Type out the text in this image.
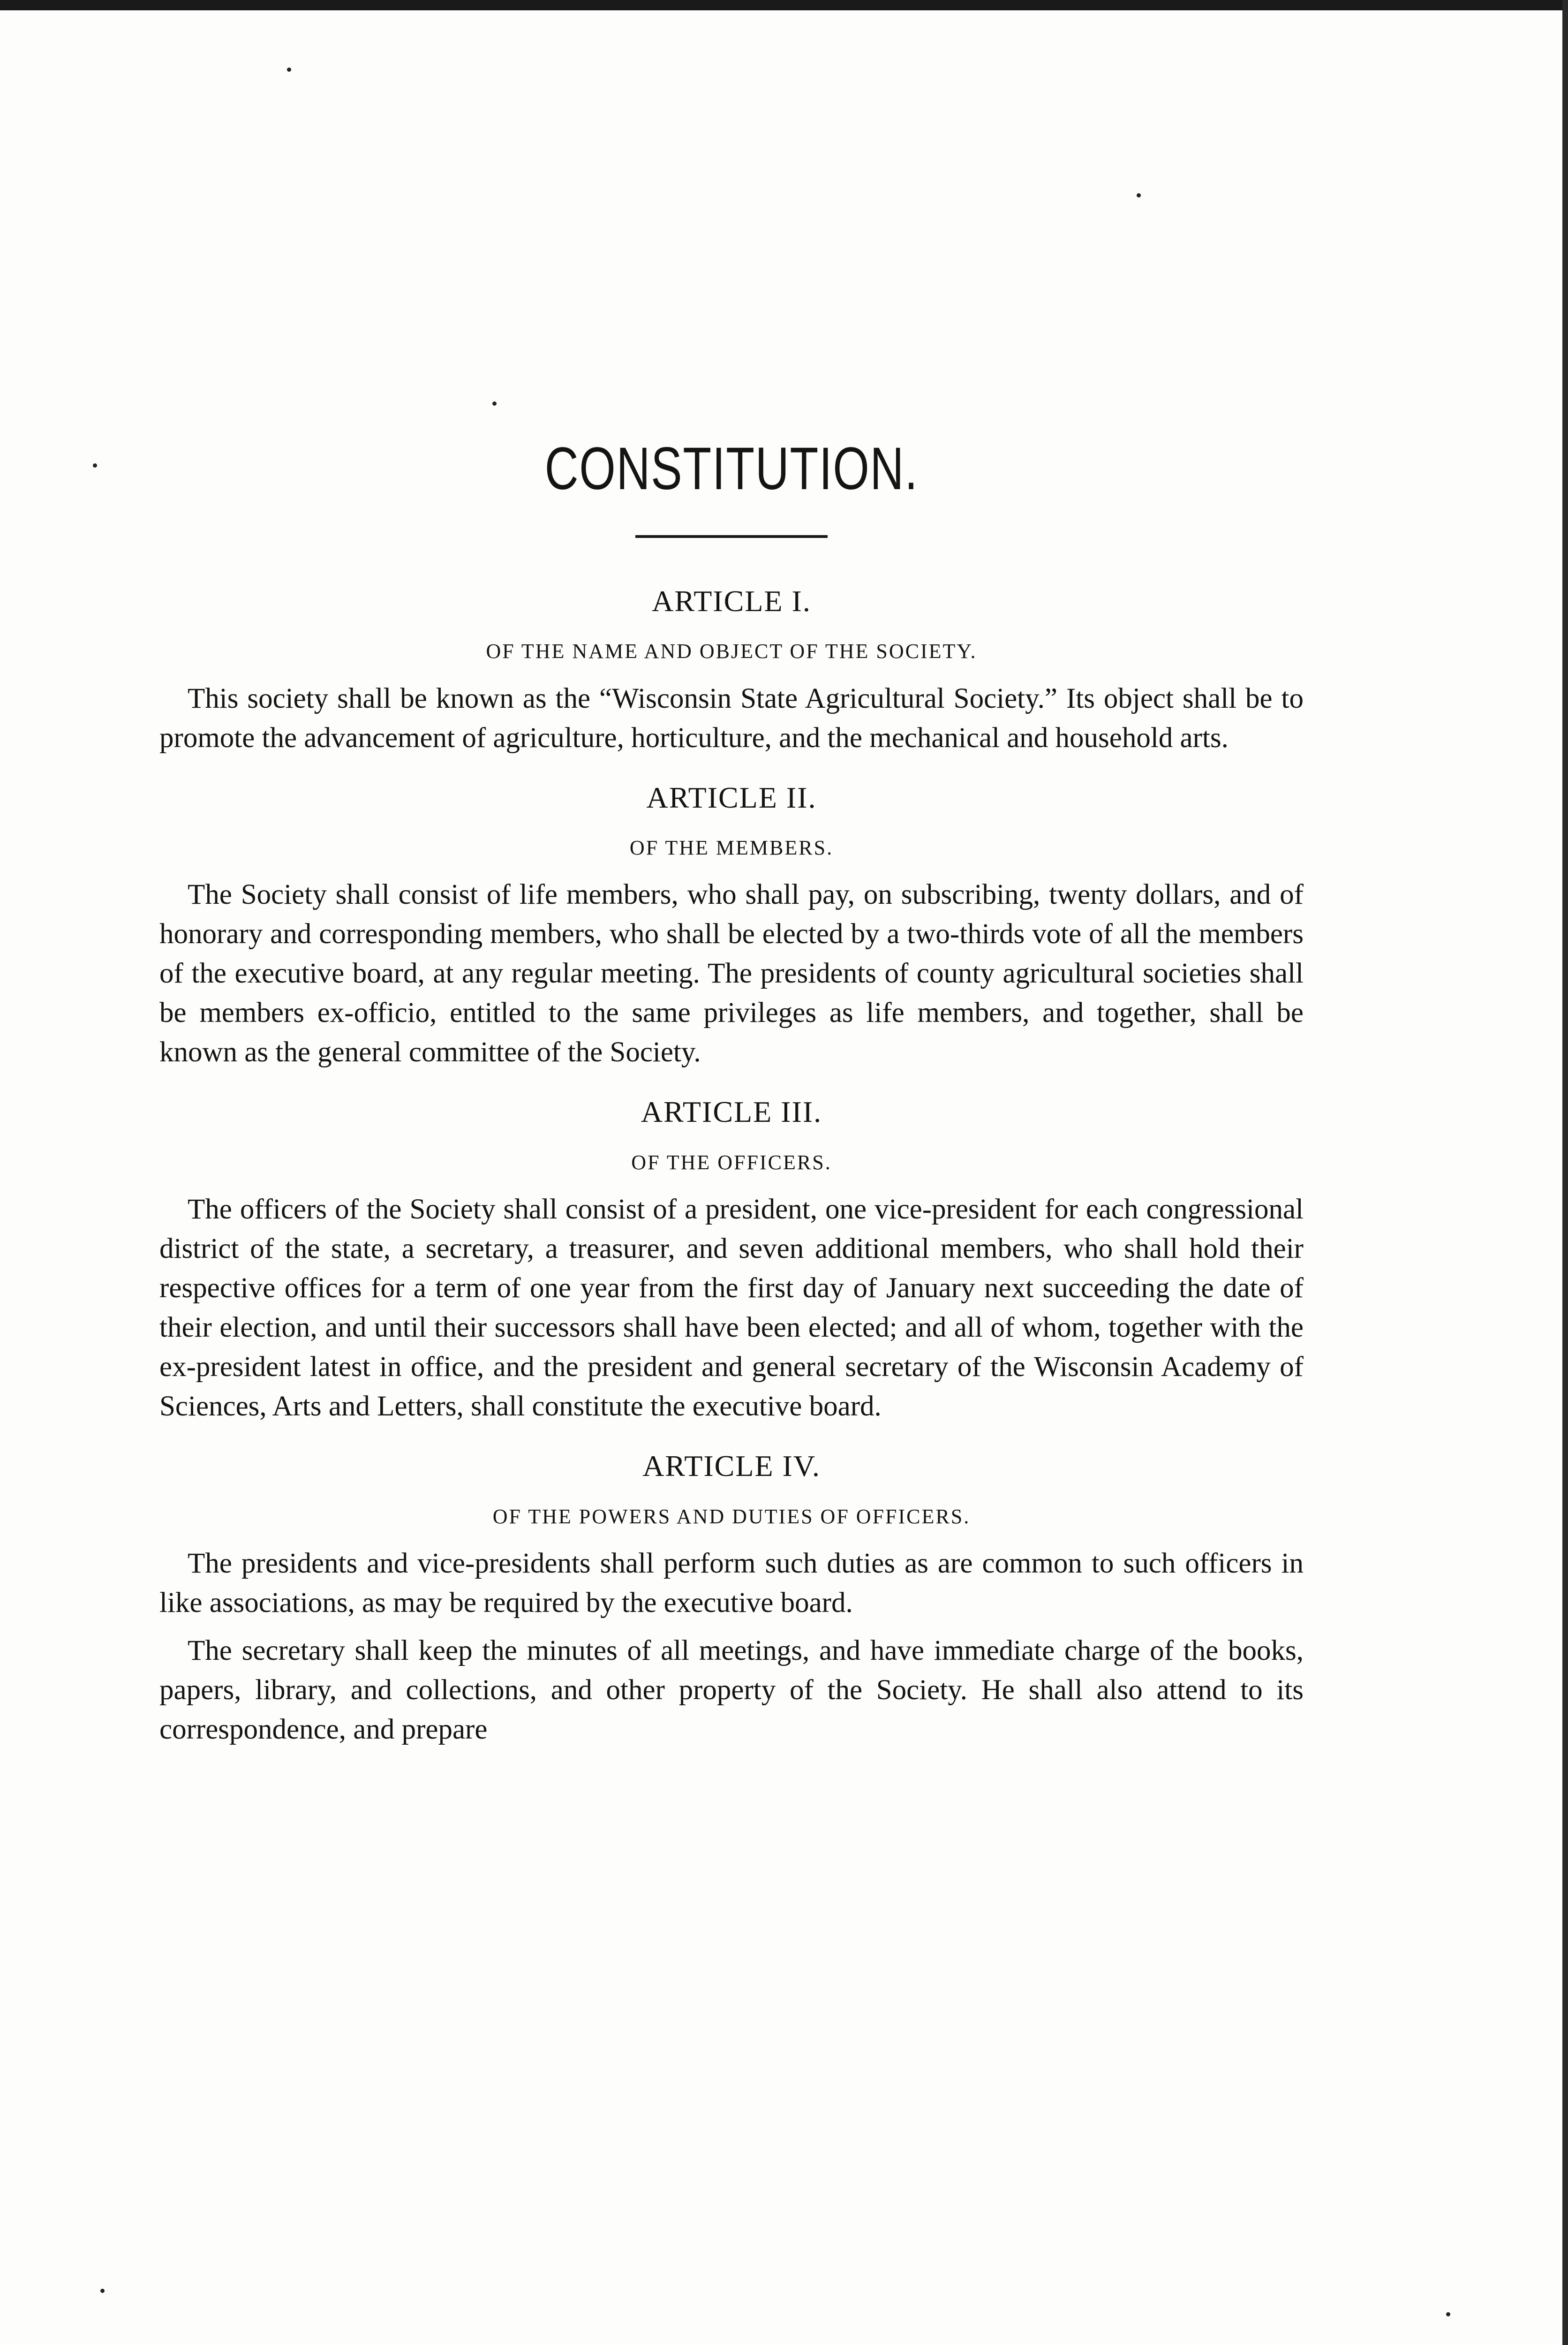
CONSTITUTION.
ARTICLE I.
OF THE NAME AND OBJECT OF THE SOCIETY.

This society shall be known as the “Wisconsin State Agricultural Society.” Its object shall be to promote the advancement of agriculture, horticulture, and the mechanical and household arts.

ARTICLE II.
OF THE MEMBERS.

The Society shall consist of life members, who shall pay, on subscribing, twenty dollars, and of honorary and corresponding members, who shall be elected by a two-thirds vote of all the members of the executive board, at any regular meeting. The presidents of county agricultural societies shall be members ex-officio, entitled to the same privileges as life members, and together, shall be known as the general committee of the Society.

ARTICLE III.
OF THE OFFICERS.

The officers of the Society shall consist of a president, one vice-president for each congressional district of the state, a secretary, a treasurer, and seven additional members, who shall hold their respective offices for a term of one year from the first day of January next succeeding the date of their election, and until their successors shall have been elected; and all of whom, together with the ex-president latest in office, and the president and general secretary of the Wisconsin Academy of Sciences, Arts and Letters, shall constitute the executive board.

ARTICLE IV.
OF THE POWERS AND DUTIES OF OFFICERS.

The presidents and vice-presidents shall perform such duties as are common to such officers in like associations, as may be required by the executive board.

The secretary shall keep the minutes of all meetings, and have immediate charge of the books, papers, library, and collections, and other property of the Society. He shall also attend to its correspondence, and prepare
